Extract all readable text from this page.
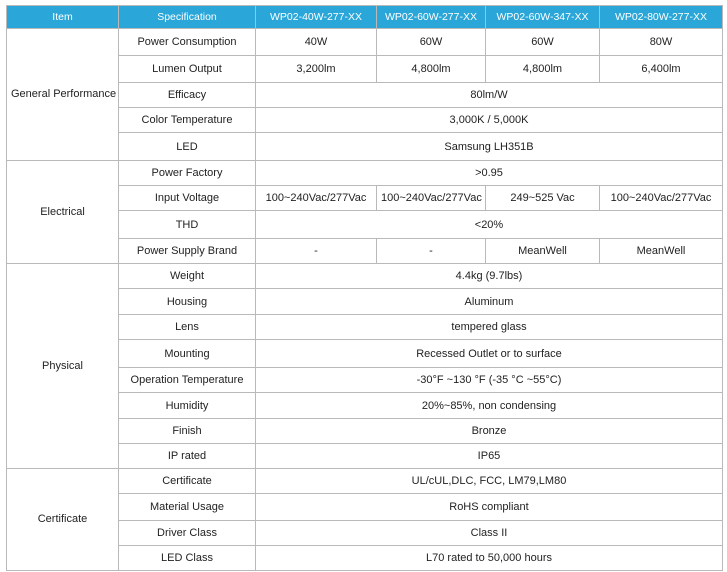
Item	Specification	WP02-40W-277-XX	WP02-60W-277-XX	WP02-60W-347-XX	WP02-80W-277-XX
General Performance	Power Consumption	40W	60W	60W	80W
	Lumen Output	3,200lm	4,800lm	4,800lm	6,400lm
	Efficacy	80lm/W			
	Color Temperature	3,000K / 5,000K			
	LED	Samsung LH351B			
Electrical	Power Factory	>0.95			
	Input Voltage	100~240Vac/277Vac	100~240Vac/277Vac	249~525 Vac	100~240Vac/277Vac
	THD	<20%			
	Power Supply Brand	-	-	MeanWell	MeanWell
Physical	Weight	4.4kg (9.7lbs)			
	Housing	Aluminum			
	Lens	tempered glass			
	Mounting	Recessed Outlet or to surface			
	Operation Temperature	-30°F ~130 °F (-35 °C ~55°C)			
	Humidity	20%~85%, non condensing			
	Finish	Bronze			
	IP rated	IP65			
Certificate	Certificate	UL/cUL,DLC, FCC, LM79,LM80			
	Material Usage	RoHS compliant			
	Driver Class	Class II			
	LED Class	L70 rated to 50,000 hours			
